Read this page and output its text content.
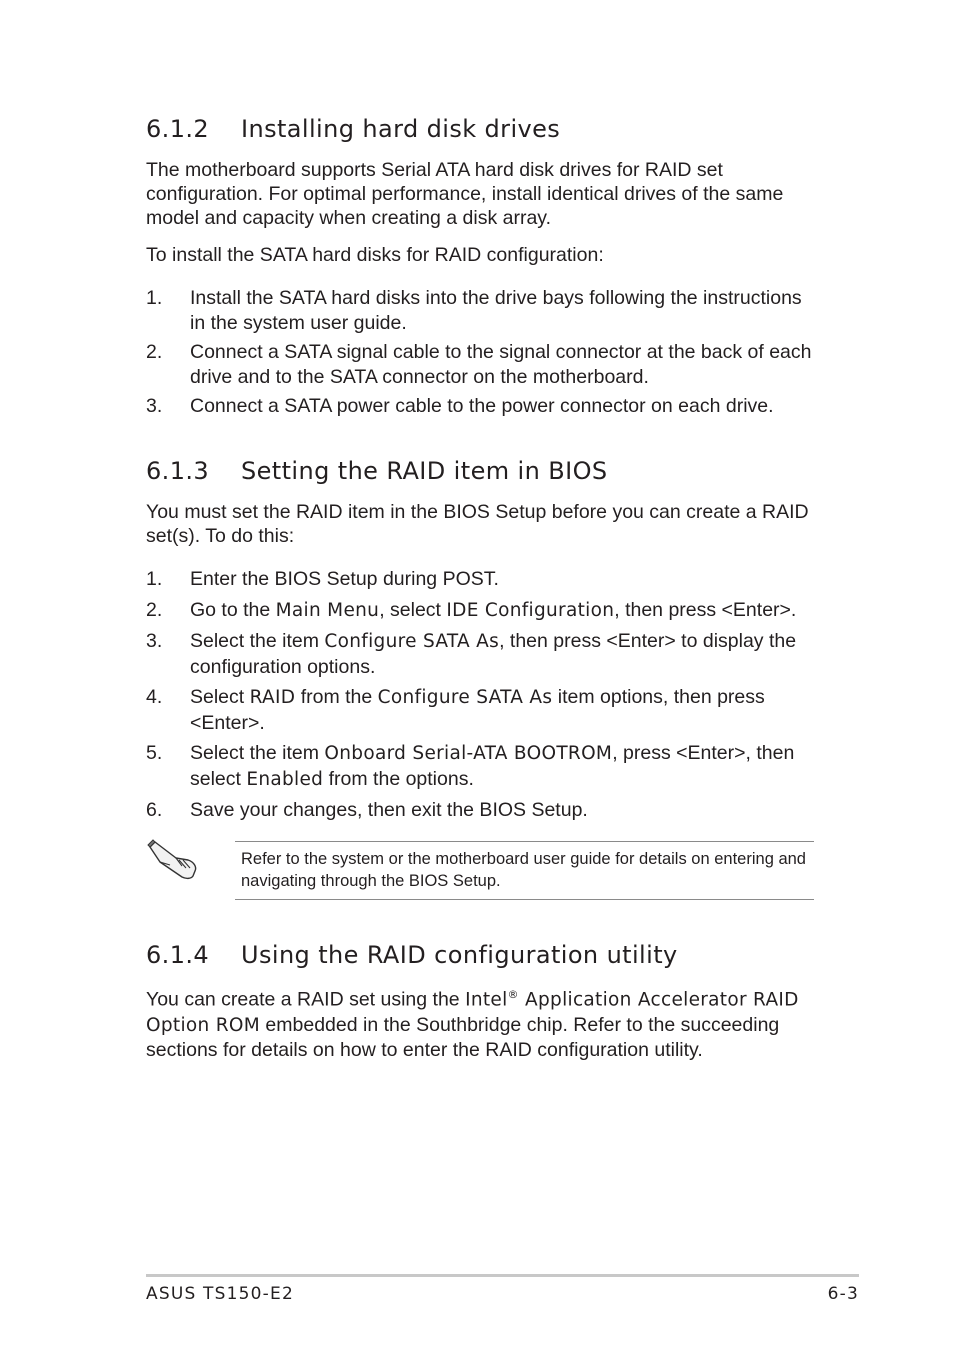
6.1.2 Installing hard disk drives

The motherboard supports Serial ATA hard disk drives for RAID set configuration. For optimal performance, install identical drives of the same model and capacity when creating a disk array.

To install the SATA hard disks for RAID configuration:

1. Install the SATA hard disks into the drive bays following the instructions in the system user guide.
2. Connect a SATA signal cable to the signal connector at the back of each drive and to the SATA connector on the motherboard.
3. Connect a SATA power cable to the power connector on each drive.
6.1.3 Setting the RAID item in BIOS

You must set the RAID item in the BIOS Setup before you can create a RAID set(s). To do this:

1. Enter the BIOS Setup during POST.
2. Go to the Main Menu, select IDE Configuration, then press <Enter>.
3. Select the item Configure SATA As, then press <Enter> to display the configuration options.
4. Select RAID from the Configure SATA As item options, then press <Enter>.
5. Select the item Onboard Serial-ATA BOOTROM, press <Enter>, then select Enabled from the options.
6. Save your changes, then exit the BIOS Setup.

Refer to the system or the motherboard user guide for details on entering and navigating through the BIOS Setup.

6.1.4 Using the RAID configuration utility

You can create a RAID set using the Intel® Application Accelerator RAID Option ROM embedded in the Southbridge chip. Refer to the succeeding sections for details on how to enter the RAID configuration utility.

ASUS TS150-E2	6-3
